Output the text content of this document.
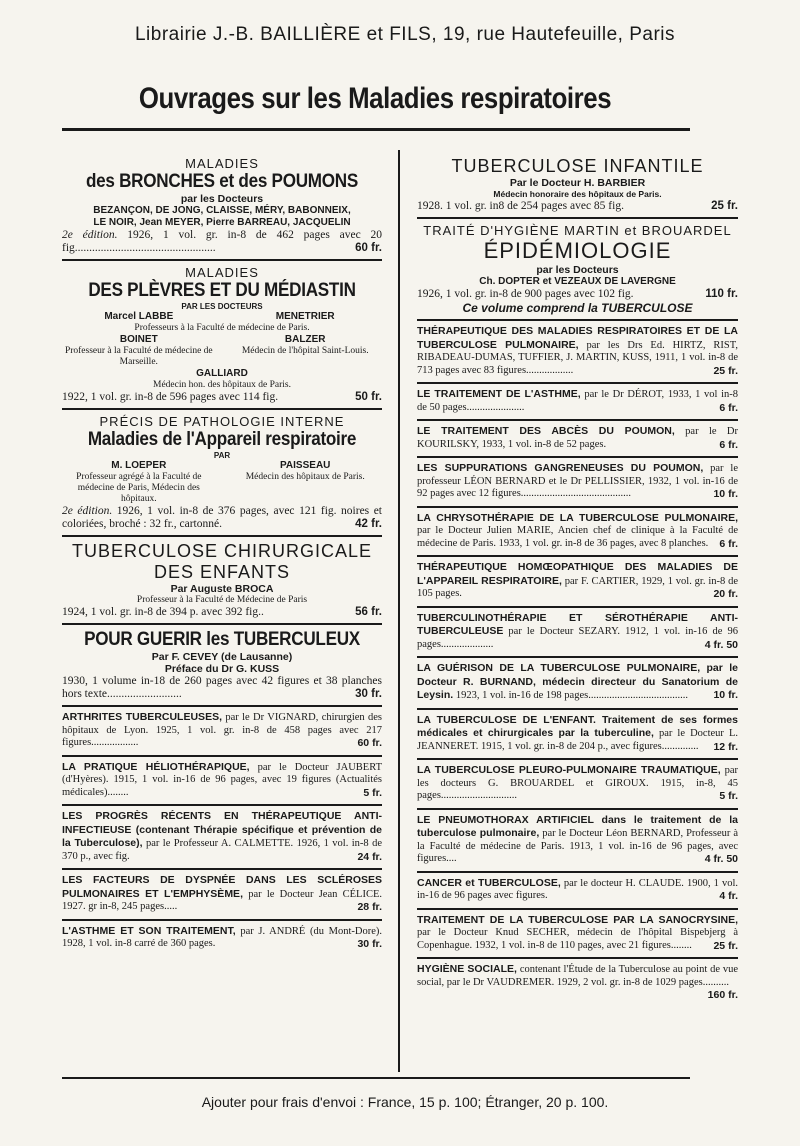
Librairie J.-B. BAILLIÈRE et FILS, 19, rue Hautefeuille, Paris
Ouvrages sur les Maladies respiratoires
MALADIES
des BRONCHES et des POUMONS
par les Docteurs
BEZANÇON, DE JONG, CLAISSE, MÉRY, BABONNEIX,
LE NOIR, Jean MEYER, Pierre BARREAU, JACQUELIN
2e édition. 1926, 1 vol. gr. in-8 de 462 pages avec 20 fig.................................................	60 fr.
MALADIES
DES PLÈVRES ET DU MÉDIASTIN
PAR LES DOCTEURS
Marcel LABBE	MENETRIER
Professeurs à la Faculté de médecine de Paris.
BOINET
Professeur à la Faculté de médecine de Marseille.
BALZER
Médecin de l'hôpital Saint-Louis.
GALLIARD
Médecin hon. des hôpitaux de Paris.
1922, 1 vol. gr. in-8 de 596 pages avec 114 fig.	50 fr.
PRÉCIS DE PATHOLOGIE INTERNE
Maladies de l'Appareil respiratoire
PAR
M. LOEPER
Professeur agrégé à la Faculté de médecine de Paris, Médecin des hôpitaux.
PAISSEAU
Médecin des hôpitaux de Paris.
2e édition. 1926, 1 vol. in-8 de 376 pages, avec 121 fig. noires et coloriées, broché : 32 fr., cartonné.	42 fr.
TUBERCULOSE CHIRURGICALE
DES ENFANTS
Par Auguste BROCA
Professeur à la Faculté de Médecine de Paris
1924, 1 vol. gr. in-8 de 394 p. avec 392 fig..	56 fr.
POUR GUERIR les TUBERCULEUX
Par F. CEVEY (de Lausanne)
Préface du Dr G. KUSS
1930, 1 volume in-18 de 260 pages avec 42 figures et 38 planches hors texte..........................	30 fr.
ARTHRITES TUBERCULEUSES, par le Dr VIGNARD, chirurgien des hôpitaux de Lyon. 1925, 1 vol. gr. in-8 de 458 pages avec 217 figures..................	60 fr.
LA PRATIQUE HÉLIOTHÉRAPIQUE, par le Docteur JAUBERT (d'Hyères). 1915, 1 vol. in-16 de 96 pages, avec 19 figures (Actualités médicales)........	5 fr.
LES PROGRÈS RÉCENTS EN THÉRAPEUTIQUE ANTI-INFECTIEUSE (contenant Thérapie spécifique et prévention de la Tuberculose), par le Professeur A. CALMETTE. 1926, 1 vol. in-8 de 370 p., avec fig.	24 fr.
LES FACTEURS DE DYSPNÉE DANS LES SCLÉROSES PULMONAIRES ET L'EMPHYSÈME, par le Docteur Jean CÉLICE. 1927. gr in-8, 245 pages.....	28 fr.
L'ASTHME ET SON TRAITEMENT, par J. ANDRÉ (du Mont-Dore). 1928, 1 vol. in-8 carré de 360 pages.	30 fr.
TUBERCULOSE INFANTILE
Par le Docteur H. BARBIER
Médecin honoraire des hôpitaux de Paris.
1928. 1 vol. gr. in8 de 254 pages avec 85 fig.	25 fr.
TRAITÉ D'HYGIÈNE MARTIN et BROUARDEL
ÉPIDÉMIOLOGIE
par les Docteurs
Ch. DOPTER et VEZEAUX DE LAVERGNE
1926, 1 vol. gr. in-8 de 900 pages avec 102 fig.	110 fr.
Ce volume comprend la TUBERCULOSE
THÉRAPEUTIQUE DES MALADIES RESPIRATOIRES ET DE LA TUBERCULOSE PULMONAIRE, par les Drs Ed. HIRTZ, RIST, RIBADEAU-DUMAS, TUFFIER, J. MARTIN, KUSS, 1911, 1 vol. in-8 de 713 pages avec 83 figures..................	25 fr.
LE TRAITEMENT DE L'ASTHME, par le Dr DÉROT, 1933, 1 vol in-8 de 50 pages......................	6 fr.
LE TRAITEMENT DES ABCÈS DU POUMON, par le Dr KOURILSKY, 1933, 1 vol. in-8 de 52 pages.	6 fr.
LES SUPPURATIONS GANGRENEUSES DU POUMON, par le professeur LÉON BERNARD et le Dr PELLISSIER, 1932, 1 vol. in-16 de 92 pages avec 12 figures..........................................	10 fr.
LA CHRYSOTHÉRAPIE DE LA TUBERCULOSE PULMONAIRE, par le Docteur Julien MARIE, Ancien chef de clinique à la Faculté de médecine de Paris. 1933, 1 vol. gr. in-8 de 36 pages, avec 8 planches. 6 fr.
THÉRAPEUTIQUE HOMŒOPATHIQUE DES MALADIES DE L'APPAREIL RESPIRATOIRE, par F. CARTIER, 1929, 1 vol. gr. in-8 de 105 pages.	20 fr.
TUBERCULINOTHÉRAPIE ET SÉROTHÉRAPIE ANTI-TUBERCULEUSE par le Docteur SEZARY. 1912, 1 vol. in-16 de 96 pages....................	4 fr. 50
LA GUÉRISON DE LA TUBERCULOSE PULMONAIRE, par le Docteur R. BURNAND, médecin directeur du Sanatorium de Leysin. 1923, 1 vol. in-16 de 198 pages...................................... 10 fr.
LA TUBERCULOSE DE L'ENFANT. Traitement de ses formes médicales et chirurgicales par la tuberculine, par le Docteur L. JEANNERET. 1915, 1 vol. gr. in-8 de 204 p., avec figures.............. 12 fr.
LA TUBERCULOSE PLEURO-PULMONAIRE TRAUMATIQUE, par les docteurs G. BROUARDEL et GIROUX. 1915, in-8, 45 pages.............................	5 fr.
LE PNEUMOTHORAX ARTIFICIEL dans le traitement de la tuberculose pulmonaire, par le Docteur Léon BERNARD, Professeur à la Faculté de médecine de Paris. 1913, 1 vol. in-16 de 96 pages, avec figures....	4 fr. 50
CANCER et TUBERCULOSE, par le docteur H. CLAUDE. 1900, 1 vol. in-16 de 96 pages avec figures.	4 fr.
TRAITEMENT DE LA TUBERCULOSE PAR LA SANOCRYSINE, par le Docteur Knud SECHER, médecin de l'hôpital Bispebjerg à Copenhague. 1932, 1 vol. in-8 de 110 pages, avec 21 figures........ 25 fr.
HYGIÈNE SOCIALE, contenant l'Étude de la Tuberculose au point de vue social, par le Dr VAUDREMER. 1929, 2 vol. gr. in-8 de 1029 pages..........
160 fr.
Ajouter pour frais d'envoi : France, 15 p. 100; Étranger, 20 p. 100.
